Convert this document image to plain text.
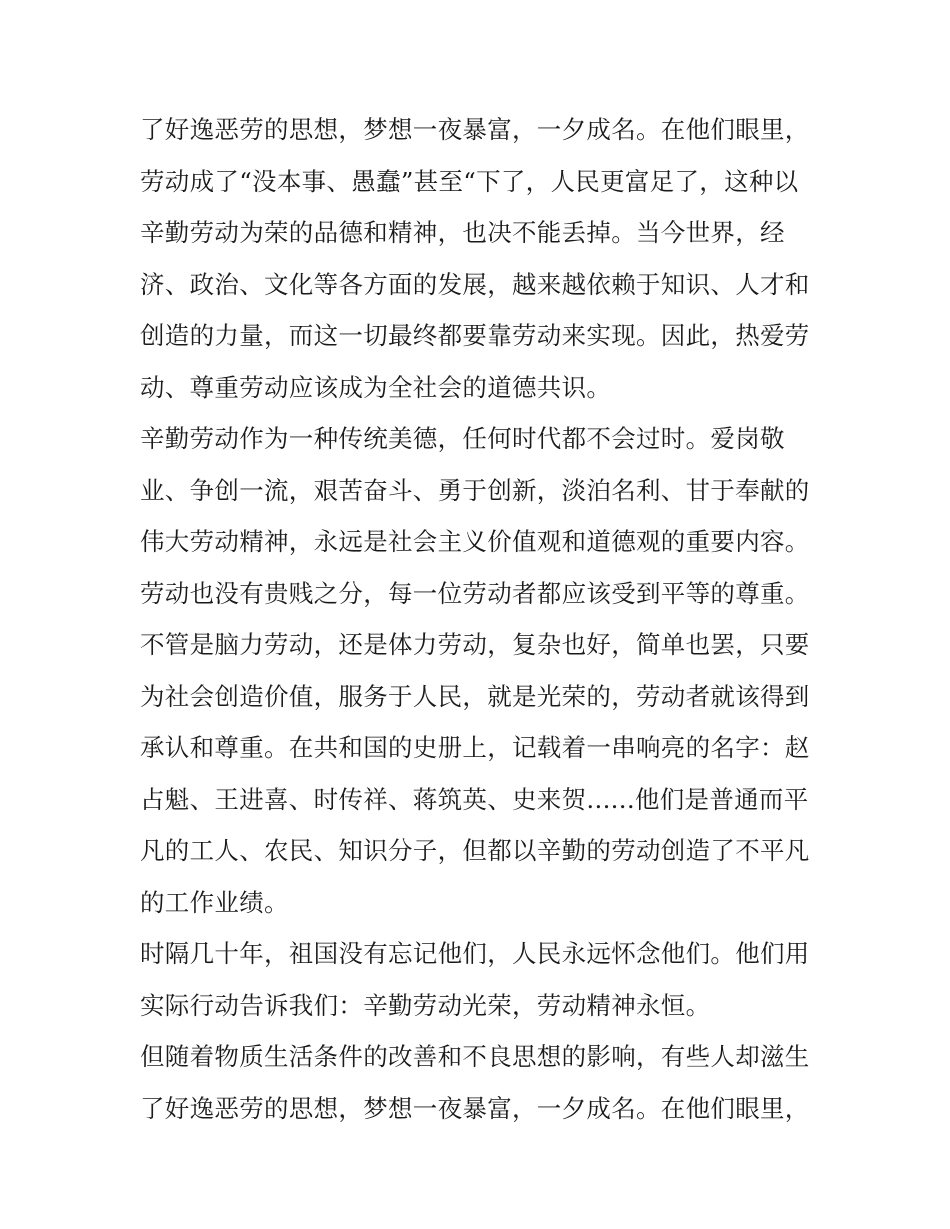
了好逸恶劳的思想，梦想一夜暴富，一夕成名。在他们眼里，
劳动成了“没本事、愚蠢”甚至“下了，人民更富足了，这种以
辛勤劳动为荣的品德和精神，也决不能丢掉。当今世界，经
济、政治、文化等各方面的发展，越来越依赖于知识、人才和
创造的力量，而这一切最终都要靠劳动来实现。因此，热爱劳
动、尊重劳动应该成为全社会的道德共识。
辛勤劳动作为一种传统美德，任何时代都不会过时。爱岗敬
业、争创一流，艰苦奋斗、勇于创新，淡泊名利、甘于奉献的
伟大劳动精神，永远是社会主义价值观和道德观的重要内容。
劳动也没有贵贱之分，每一位劳动者都应该受到平等的尊重。
不管是脑力劳动，还是体力劳动，复杂也好，简单也罢，只要
为社会创造价值，服务于人民，就是光荣的，劳动者就该得到
承认和尊重。在共和国的史册上，记载着一串响亮的名字：赵
占魁、王进喜、时传祥、蒋筑英、史来贺......他们是普通而平
凡的工人、农民、知识分子，但都以辛勤的劳动创造了不平凡
的工作业绩。
时隔几十年，祖国没有忘记他们，人民永远怀念他们。他们用
实际行动告诉我们：辛勤劳动光荣，劳动精神永恒。
但随着物质生活条件的改善和不良思想的影响，有些人却滋生
了好逸恶劳的思想，梦想一夜暴富，一夕成名。在他们眼里，
